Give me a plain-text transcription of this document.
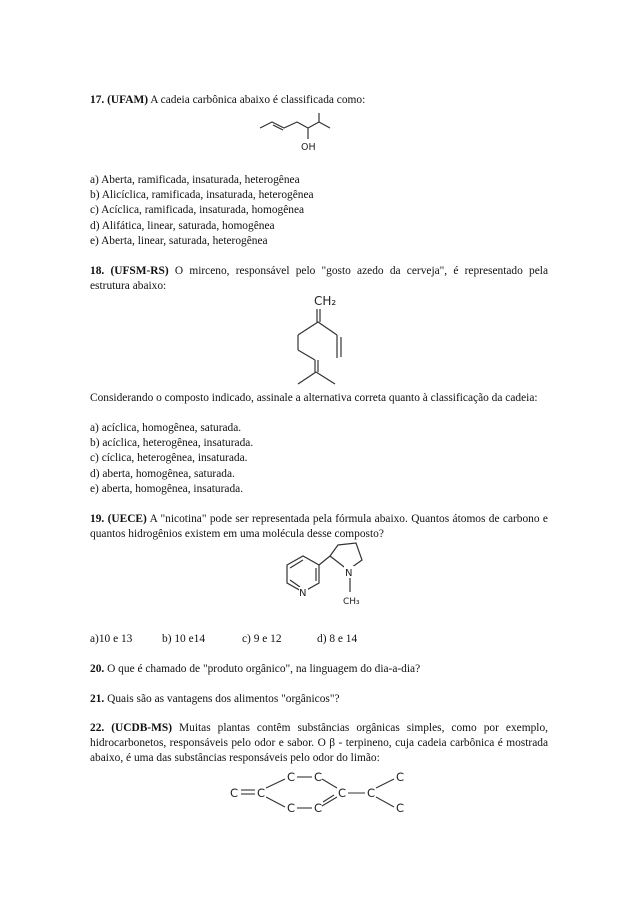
17. (UFAM) A cadeia carbônica abaixo é classificada como:
OH
a) Aberta, ramificada, insaturada, heterogênea
b) Alicíclica, ramificada, insaturada, heterogênea
c) Acíclica, ramificada, insaturada, homogênea
d) Alifática, linear, saturada, homogênea
e) Aberta, linear, saturada, heterogênea
18. (UFSM-RS) O mirceno, responsável pelo "gosto azedo da cerveja", é representado pela estrutura abaixo:
CH₂
Considerando o composto indicado, assinale a alternativa correta quanto à classificação da cadeia:
a) acíclica, homogênea, saturada.
b) acíclica, heterogênea, insaturada.
c) cíclica, heterogênea, insaturada.
d) aberta, homogênea, saturada.
e) aberta, homogênea, insaturada.
19. (UECE) A "nicotina" pode ser representada pela fórmula abaixo. Quantos átomos de carbono e quantos hidrogênios existem em uma molécula desse composto?
N
N
CH₃
a)10 e 13	b) 10 e14	c) 9 e 12	d) 8 e 14
20. O que é chamado de "produto orgânico", na linguagem do dia-a-dia?
21. Quais são as vantagens dos alimentos "orgânicos"?
22. (UCDB-MS) Muitas plantas contêm substâncias orgânicas simples, como por exemplo, hidrocarbonetos, responsáveis pelo odor e sabor. O β - terpineno, cuja cadeia carbônica é mostrada abaixo, é uma das substâncias responsáveis pelo odor do limão:
C C
C C
C C
C C
C
C
